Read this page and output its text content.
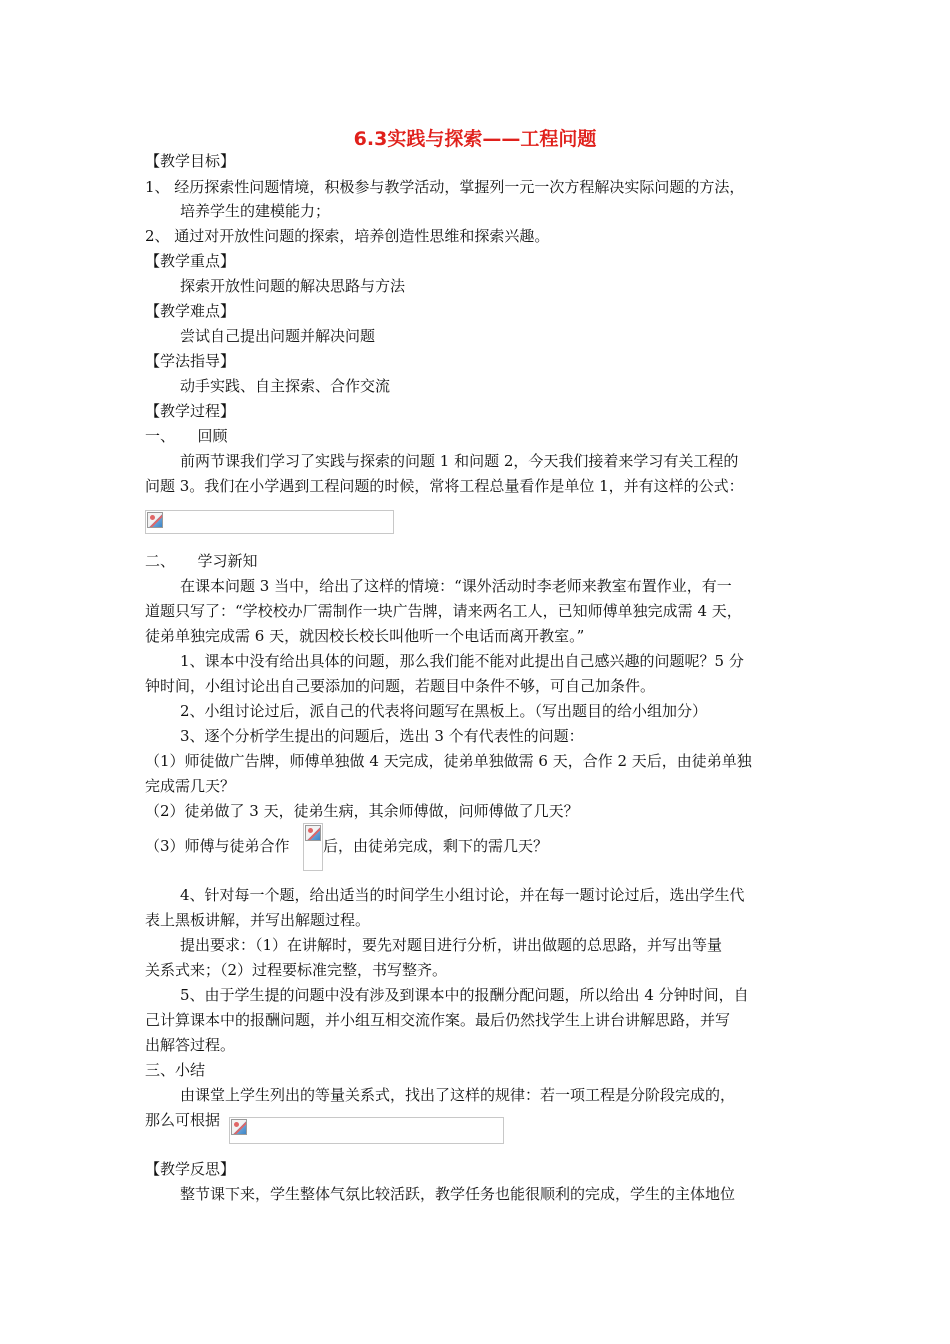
6.3实践与探索——工程问题
【教学目标】
1、 经历探索性问题情境，积极参与教学活动，掌握列一元一次方程解决实际问题的方法，
培养学生的建模能力；
2、 通过对开放性问题的探索，培养创造性思维和探索兴趣。
【教学重点】
探索开放性问题的解决思路与方法
【教学难点】
尝试自己提出问题并解决问题
【学法指导】
动手实践、自主探索、合作交流
【教学过程】
一、　　回顾
前两节课我们学习了实践与探索的问题 1 和问题 2，今天我们接着来学习有关工程的
问题 3。我们在小学遇到工程问题的时候，常将工程总量看作是单位 1，并有这样的公式：
二、　　学习新知
在课本问题 3 当中，给出了这样的情境：“课外活动时李老师来教室布置作业，有一
道题只写了：“学校校办厂需制作一块广告牌，请来两名工人，已知师傅单独完成需 4 天，
徒弟单独完成需 6 天，就因校长校长叫他听一个电话而离开教室。”
1、课本中没有给出具体的问题，那么我们能不能对此提出自己感兴趣的问题呢？5 分
钟时间，小组讨论出自己要添加的问题，若题目中条件不够，可自己加条件。
2、小组讨论过后，派自己的代表将问题写在黑板上。（写出题目的给小组加分）
3、逐个分析学生提出的问题后，选出 3 个有代表性的问题：
（1）师徒做广告牌，师傅单独做 4 天完成，徒弟单独做需 6 天，合作 2 天后，由徒弟单独
完成需几天？
（2）徒弟做了 3 天，徒弟生病，其余师傅做，问师傅做了几天？
（3）师傅与徒弟合作 后，由徒弟完成，剩下的需几天？
4、针对每一个题，给出适当的时间学生小组讨论，并在每一题讨论过后，选出学生代
表上黑板讲解，并写出解题过程。
提出要求：（1）在讲解时，要先对题目进行分析，讲出做题的总思路，并写出等量
关系式来；（2）过程要标准完整，书写整齐。
5、由于学生提的问题中没有涉及到课本中的报酬分配问题，所以给出 4 分钟时间，自
己计算课本中的报酬问题，并小组互相交流作案。最后仍然找学生上讲台讲解思路，并写
出解答过程。
三、小结
由课堂上学生列出的等量关系式，找出了这样的规律：若一项工程是分阶段完成的，
那么可根据
【教学反思】
整节课下来，学生整体气氛比较活跃，教学任务也能很顺利的完成，学生的主体地位
